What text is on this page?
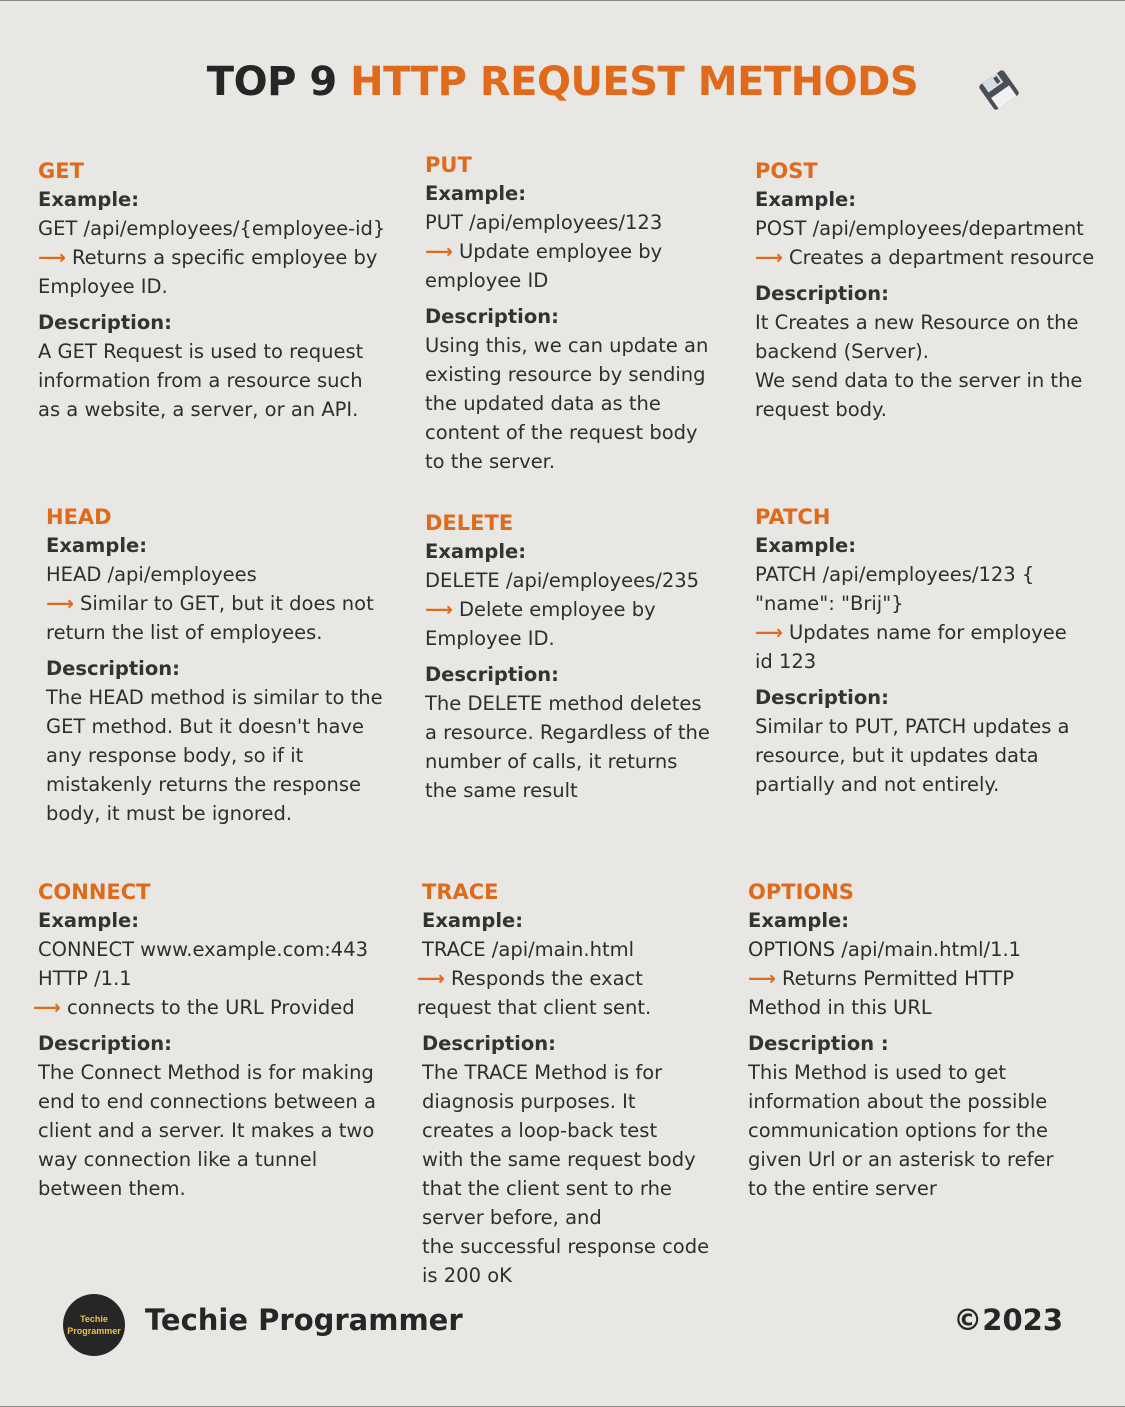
TOP 9 HTTP REQUEST METHODS
GET
Example:
GET /api/employees/{employee-id}
⟶ Returns a specific employee by
Employee ID.
Description:
A GET Request is used to request
information from a resource such
as a website, a server, or an API.
PUT
Example:
PUT /api/employees/123
⟶ Update employee by
employee ID
Description:
Using this, we can update an
existing resource by sending
the updated data as the
content of the request body
to the server.
POST
Example:
POST /api/employees/department
⟶ Creates a department resource
Description:
It Creates a new Resource on the
backend (Server).
We send data to the server in the
request body.
HEAD
Example:
HEAD /api/employees
⟶ Similar to GET, but it does not
return the list of employees.
Description:
The HEAD method is similar to the
GET method. But it doesn't have
any response body, so if it
mistakenly returns the response
body, it must be ignored.
DELETE
Example:
DELETE /api/employees/235
⟶ Delete employee by
Employee ID.
Description:
The DELETE method deletes
a resource. Regardless of the
number of calls, it returns
the same result
PATCH
Example:
PATCH /api/employees/123 {
"name": "Brij"}
⟶ Updates name for employee
id 123
Description:
Similar to PUT, PATCH updates a
resource, but it updates data
partially and not entirely.
CONNECT
Example:
CONNECT www.example.com:443
HTTP /1.1
⟶ connects to the URL Provided
Description:
The Connect Method is for making
end to end connections between a
client and a server. It makes a two
way connection like a tunnel
between them.
TRACE
Example:
TRACE /api/main.html
⟶ Responds the exact
request that client sent.
Description:
The TRACE Method is for
diagnosis purposes. It
creates a loop-back test
with the same request body
that the client sent to rhe
server before, and
the successful response code
is 200 oK
OPTIONS
Example:
OPTIONS /api/main.html/1.1
⟶ Returns Permitted HTTP
Method in this URL
Description :
This Method is used to get
information about the possible
communication options for the
given Url or an asterisk to refer
to the entire server
Techie
Programmer Techie Programmer	©2023
